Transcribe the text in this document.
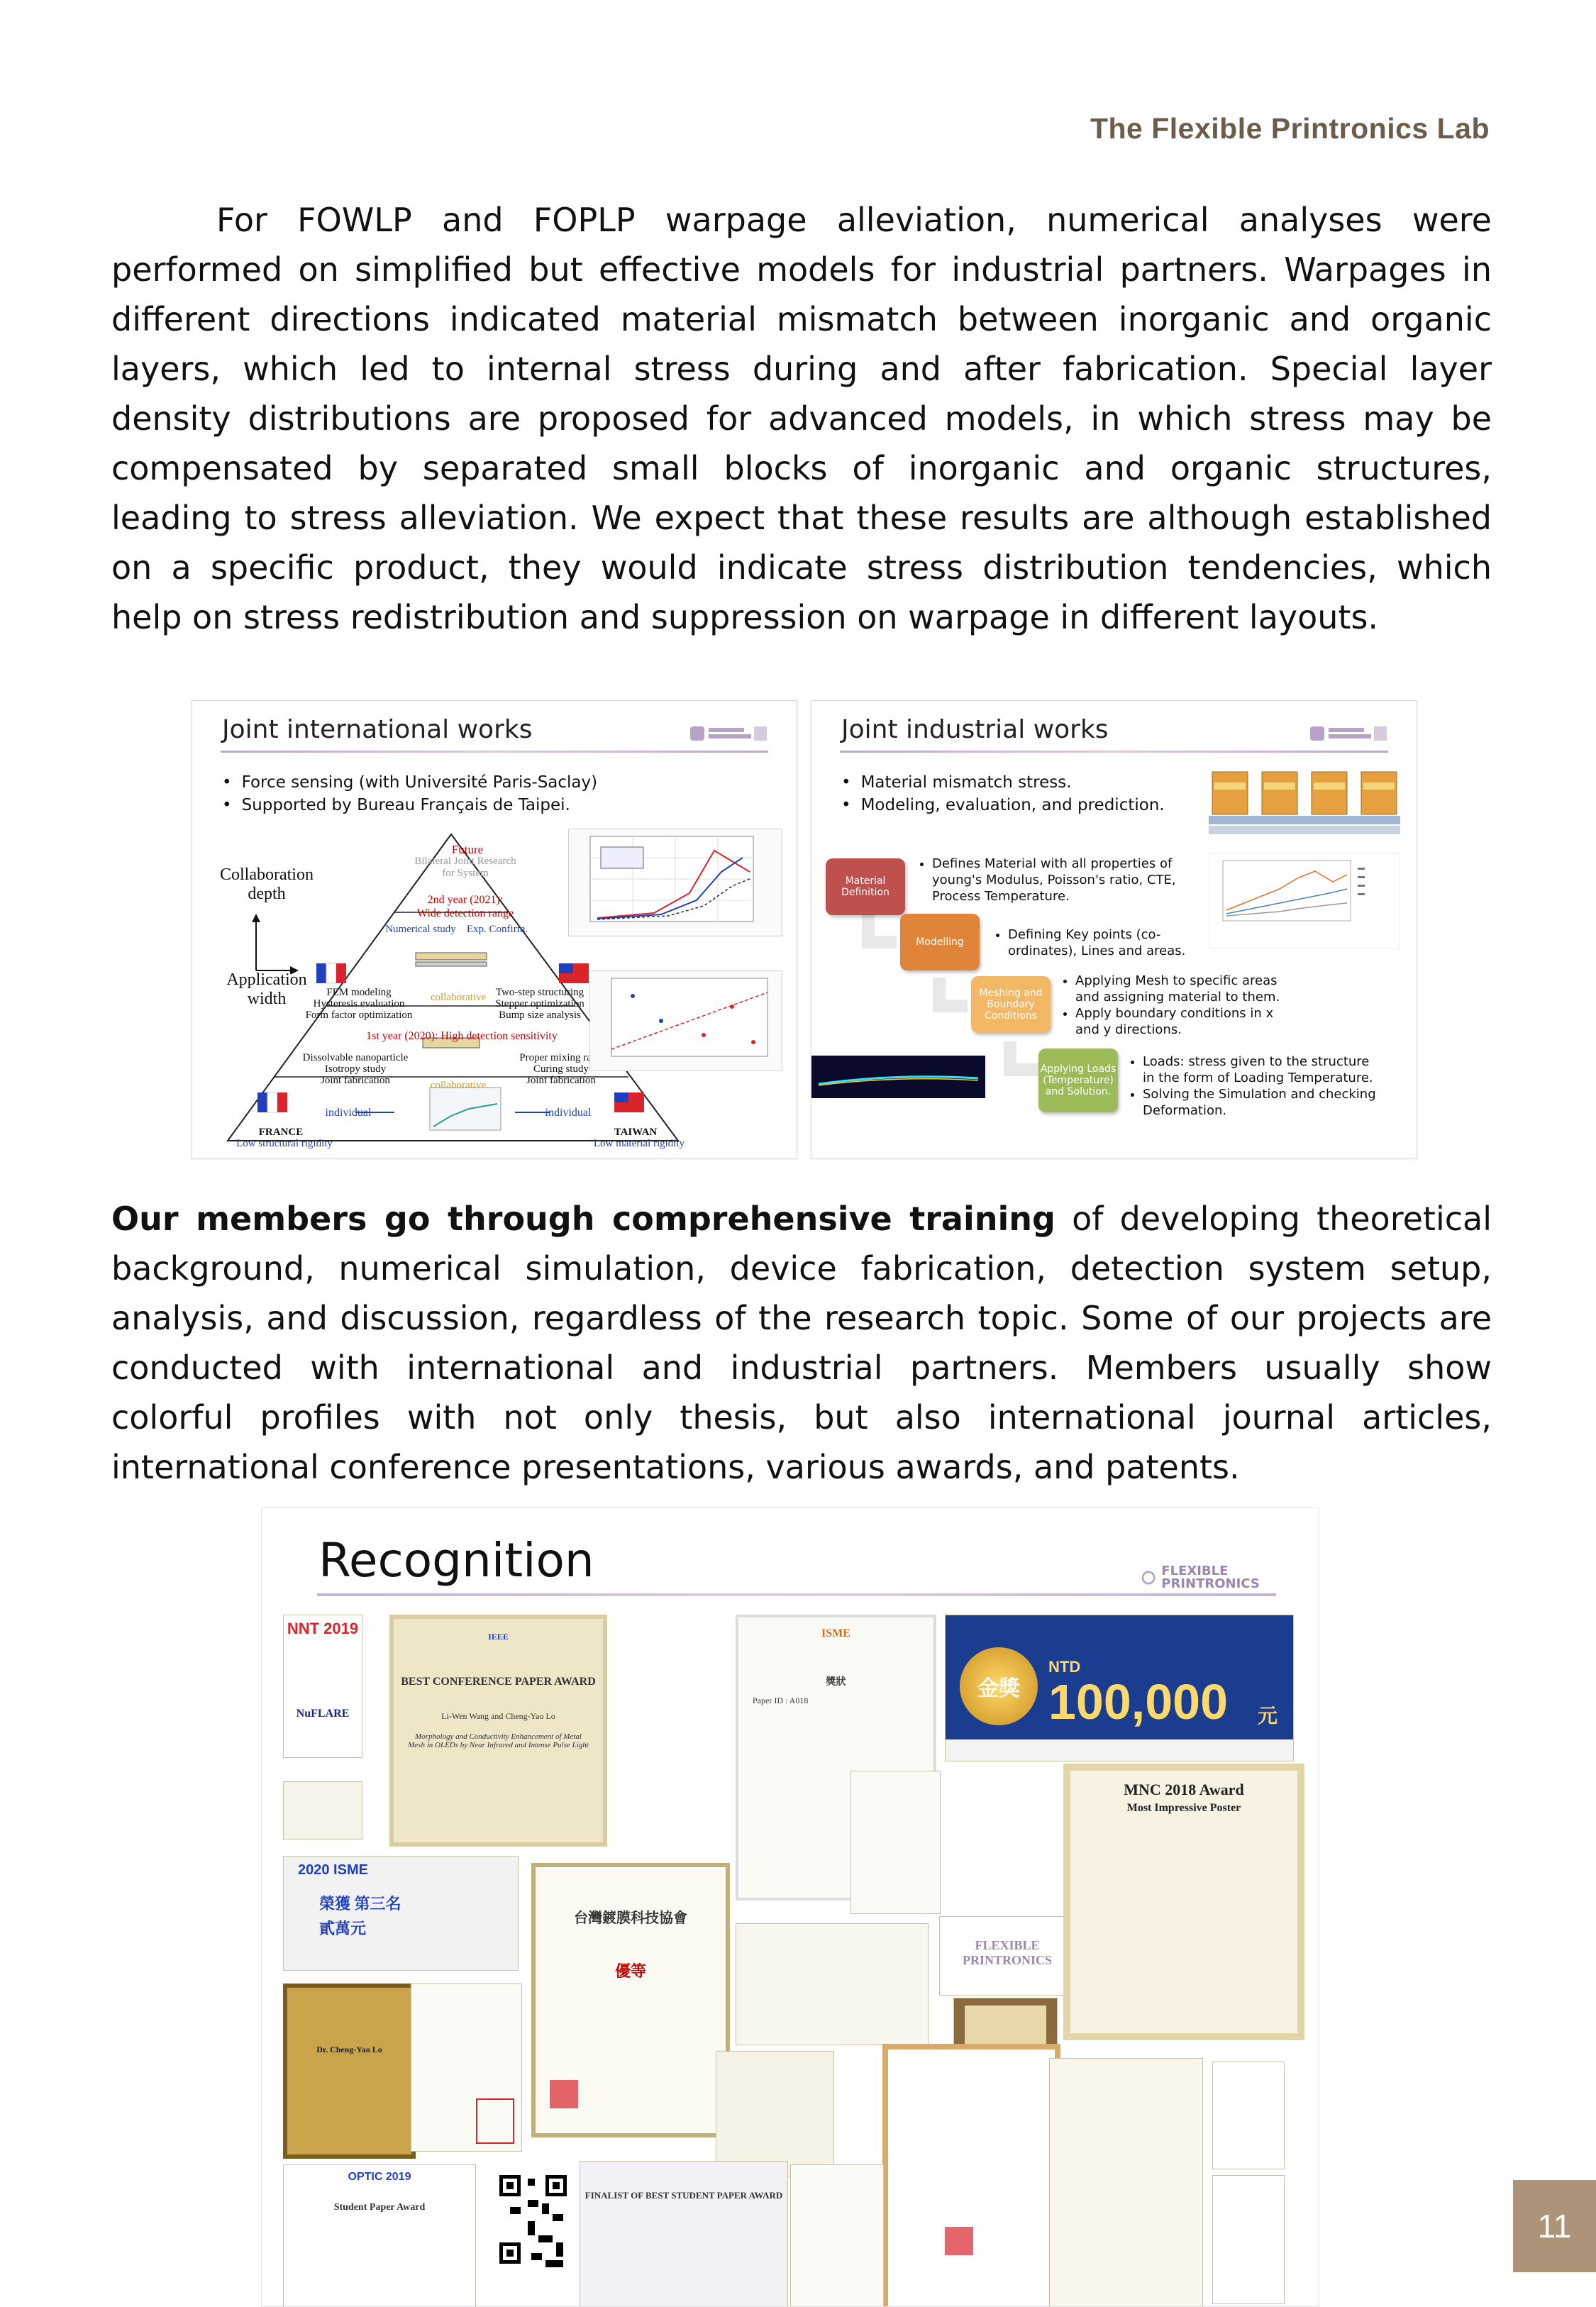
The Flexible Printronics Lab
For FOWLP and FOPLP warpage alleviation, numerical analyses were
performed on simplified but effective models for industrial partners. Warpages in
different directions indicated material mismatch between inorganic and organic
layers, which led to internal stress during and after fabrication. Special layer
density distributions are proposed for advanced models, in which stress may be
compensated by separated small blocks of inorganic and organic structures,
leading to stress alleviation. We expect that these results are although established
on a specific product, they would indicate stress distribution tendencies, which
help on stress redistribution and suppression on warpage in different layouts.
Joint international works
• Force sensing (with Université Paris-Saclay)
• Supported by Bureau Français de Taipei.
Collaboration depth
Application width
Future
Bilateral Joint Research for System
2nd year (2021):
Wide detection range
Numerical study	Exp. Confirm.
FEM modeling
Hysteresis evaluation
Form factor optimization
Two-step structuring
Stepper optimization
Bump size analysis
collaborative
1st year (2020): High detection sensitivity
Dissolvable nanoparticle
Isotropy study
Joint fabrication
Proper mixing ratio
Curing study
Joint fabrication
collaborative
individual	individual
FRANCE	TAIWAN
Low structural rigidity	Low material rigidity
Joint industrial works
• Material mismatch stress.
• Modeling, evaluation, and prediction.
Material Definition
• Defines Material with all properties of young's Modulus, Poisson's ratio, CTE, Process Temperature.
Modelling
•	Defining Key points (co-ordinates), Lines and areas.
Meshing and Boundary Conditions
• Applying Mesh to specific areas and assigning material to them.
• Apply boundary conditions in x and y directions.
Applying Loads (Temperature) and Solution.
• Loads: stress given to the structure in the form of Loading Temperature.
• Solving the Simulation and checking Deformation.
Our members go through comprehensive training of developing theoretical
background, numerical simulation, device fabrication, detection system setup,
analysis, and discussion, regardless of the research topic. Some of our projects are
conducted with international and industrial partners. Members usually show
colorful profiles with not only thesis, but also international journal articles,
international conference presentations, various awards, and patents.
Recognition	FLEXIBLE PRINTRONICS
NNT 2019
NuFLARE
IEEE
BEST CONFERENCE PAPER AWARD
Li-Wen Wang and Cheng-Yao Lo
Morphology and Conductivity Enhancement of Metal Mesh in OLEDs by Near Infrared and Intense Pulse Light
ISME
獎狀
Paper ID : A018	金獎
NTD
100,000 元
2020 ISME
榮獲 第三名
貳萬元
台灣鍍膜科技協會
優等
FLEXIBLE PRINTRONICS
MNC 2018 Award
Most Impressive Poster
Dr. Cheng-Yao Lo
OPTIC 2019
Student Paper Award
FINALIST OF BEST STUDENT PAPER AWARD
11
